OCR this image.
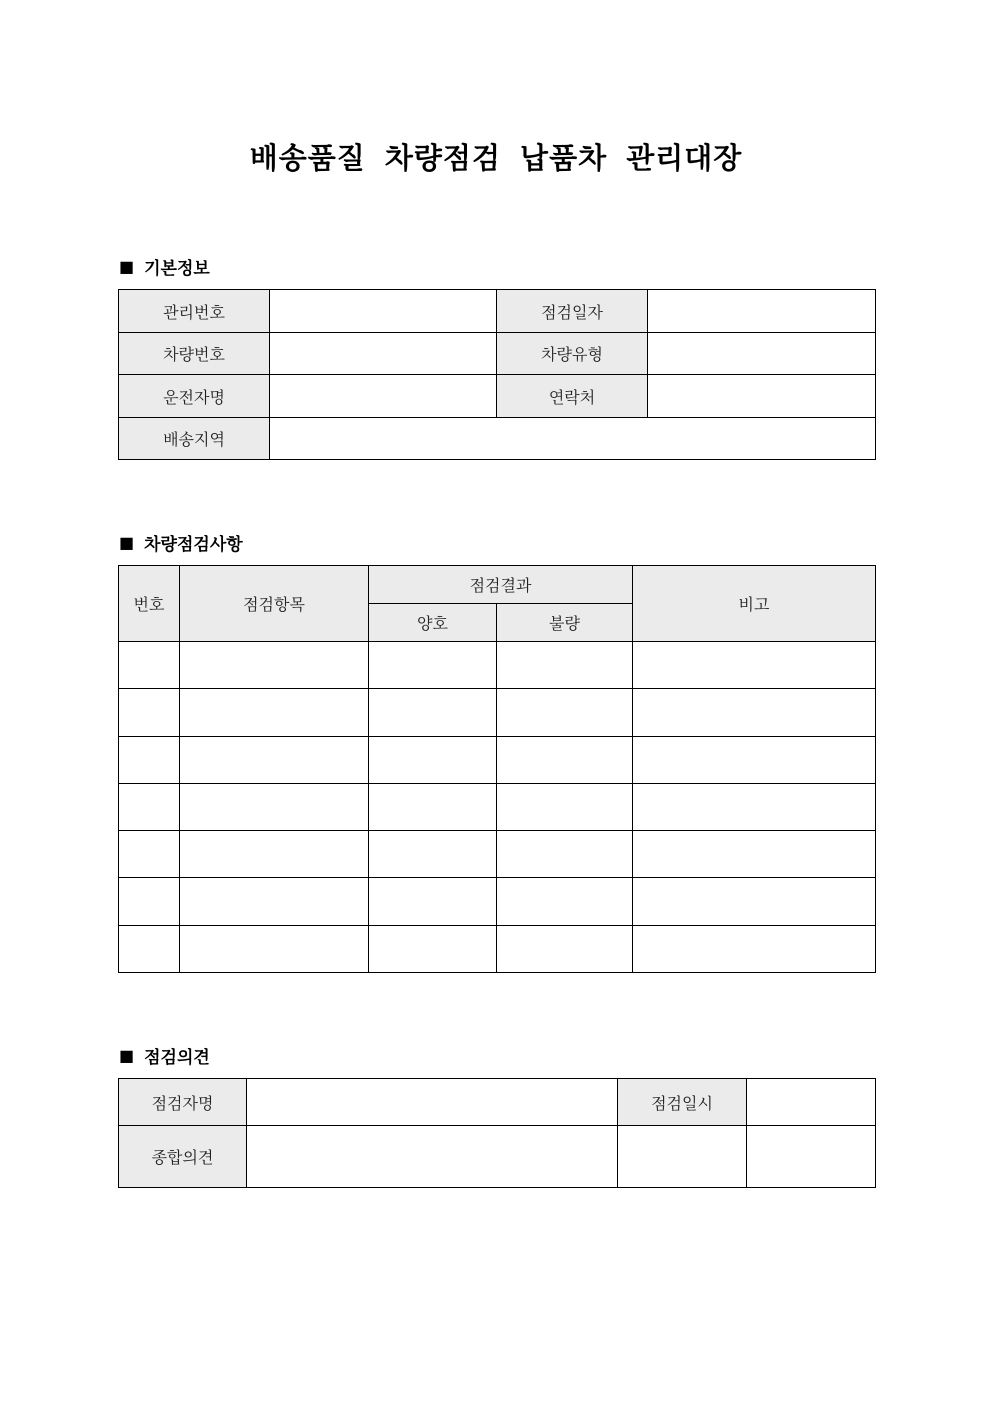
배송품질 차량점검 납품차 관리대장
■ 기본정보
관리번호		점검일자	
차량번호		차량유형	
운전자명		연락처	
배송지역			
■ 차량점검사항
번호	점검항목	점검결과		비고
		양호	불량	

■ 점검의견
점검자명		점검일시	
종합의견			
